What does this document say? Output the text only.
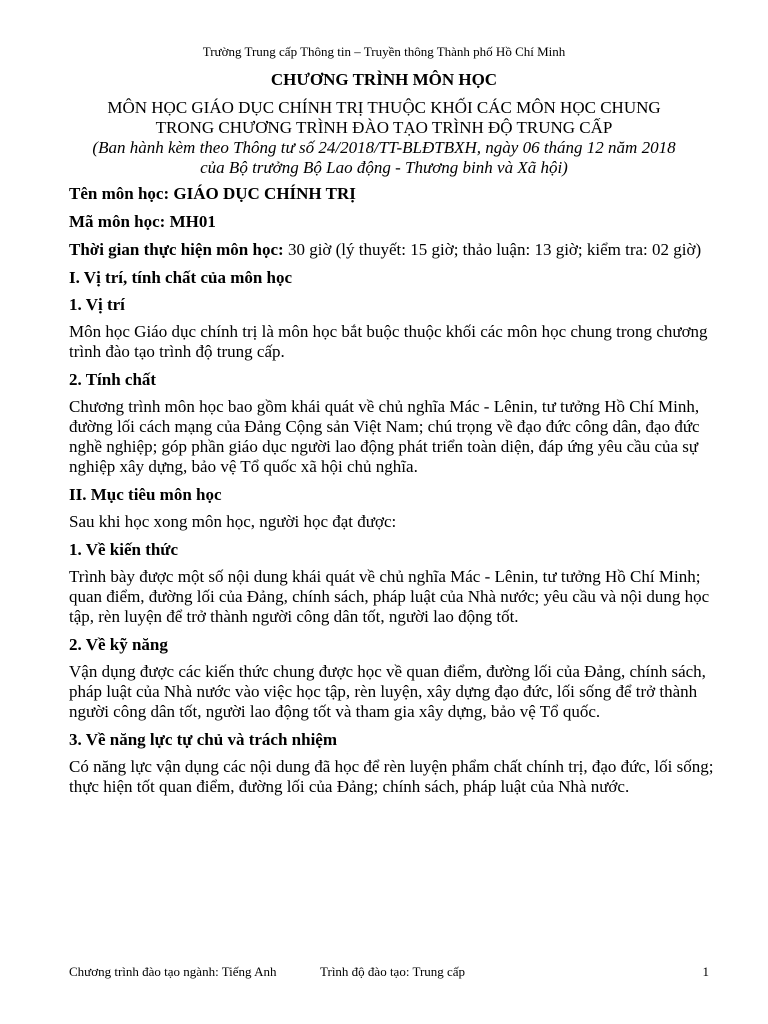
Trường Trung cấp Thông tin – Truyền thông Thành phố Hồ Chí Minh
CHƯƠNG TRÌNH MÔN HỌC
MÔN HỌC GIÁO DỤC CHÍNH TRỊ THUỘC KHỐI CÁC MÔN HỌC CHUNG
TRONG CHƯƠNG TRÌNH ĐÀO TẠO TRÌNH ĐỘ TRUNG CẤP
(Ban hành kèm theo Thông tư số 24/2018/TT-BLĐTBXH, ngày 06 tháng 12 năm 2018
của Bộ trưởng Bộ Lao động - Thương binh và Xã hội)

Tên môn học: GIÁO DỤC CHÍNH TRỊ

Mã môn học: MH01

Thời gian thực hiện môn học: 30 giờ (lý thuyết: 15 giờ; thảo luận: 13 giờ; kiểm tra: 02 giờ)

I. Vị trí, tính chất của môn học

1. Vị trí

Môn học Giáo dục chính trị là môn học bắt buộc thuộc khối các môn học chung trong chương trình đào tạo trình độ trung cấp.

2. Tính chất

Chương trình môn học bao gồm khái quát về chủ nghĩa Mác - Lênin, tư tưởng Hồ Chí Minh, đường lối cách mạng của Đảng Cộng sản Việt Nam; chú trọng về đạo đức công dân, đạo đức nghề nghiệp; góp phần giáo dục người lao động phát triển toàn diện, đáp ứng yêu cầu của sự nghiệp xây dựng, bảo vệ Tổ quốc xã hội chủ nghĩa.

II. Mục tiêu môn học

Sau khi học xong môn học, người học đạt được:

1. Về kiến thức

Trình bày được một số nội dung khái quát về chủ nghĩa Mác - Lênin, tư tưởng Hồ Chí Minh; quan điểm, đường lối của Đảng, chính sách, pháp luật của Nhà nước; yêu cầu và nội dung học tập, rèn luyện để trở thành người công dân tốt, người lao động tốt.

2. Về kỹ năng

Vận dụng được các kiến thức chung được học về quan điểm, đường lối của Đảng, chính sách, pháp luật của Nhà nước vào việc học tập, rèn luyện, xây dựng đạo đức, lối sống để trở thành người công dân tốt, người lao động tốt và tham gia xây dựng, bảo vệ Tổ quốc.

3. Về năng lực tự chủ và trách nhiệm

Có năng lực vận dụng các nội dung đã học để rèn luyện phẩm chất chính trị, đạo đức, lối sống; thực hiện tốt quan điểm, đường lối của Đảng; chính sách, pháp luật của Nhà nước.

Chương trình đào tạo ngành: Tiếng Anh	Trình độ đào tạo: Trung cấp	1
